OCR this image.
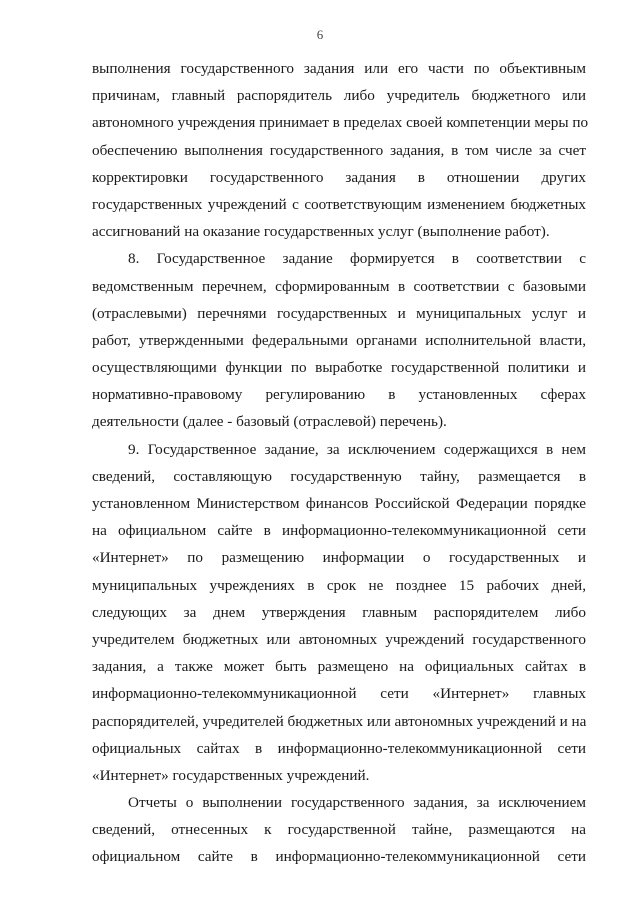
6
выполнения государственного задания или его части по объективным
причинам, главный распорядитель либо учредитель бюджетного или
автономного учреждения принимает в пределах своей компетенции меры по
обеспечению выполнения государственного задания, в том числе за счет
корректировки государственного задания в отношении других
государственных учреждений с соответствующим изменением бюджетных
ассигнований на оказание государственных услуг (выполнение работ).
8. Государственное задание формируется в соответствии с
ведомственным перечнем, сформированным в соответствии с базовыми
(отраслевыми) перечнями государственных и муниципальных услуг и
работ, утвержденными федеральными органами исполнительной власти,
осуществляющими функции по выработке государственной политики и
нормативно-правовому регулированию в установленных сферах
деятельности (далее - базовый (отраслевой) перечень).
9. Государственное задание, за исключением содержащихся в нем
сведений, составляющую государственную тайну, размещается в
установленном Министерством финансов Российской Федерации порядке
на официальном сайте в информационно-телекоммуникационной сети
«Интернет» по размещению информации о государственных и
муниципальных учреждениях в срок не позднее 15 рабочих дней,
следующих за днем утверждения главным распорядителем либо
учредителем бюджетных или автономных учреждений государственного
задания, а также может быть размещено на официальных сайтах в
информационно-телекоммуникационной сети «Интернет» главных
распорядителей, учредителей бюджетных или автономных учреждений и на
официальных сайтах в информационно-телекоммуникационной сети
«Интернет» государственных учреждений.
Отчеты о выполнении государственного задания, за исключением
сведений, отнесенных к государственной тайне, размещаются на
официальном сайте в информационно-телекоммуникационной сети
